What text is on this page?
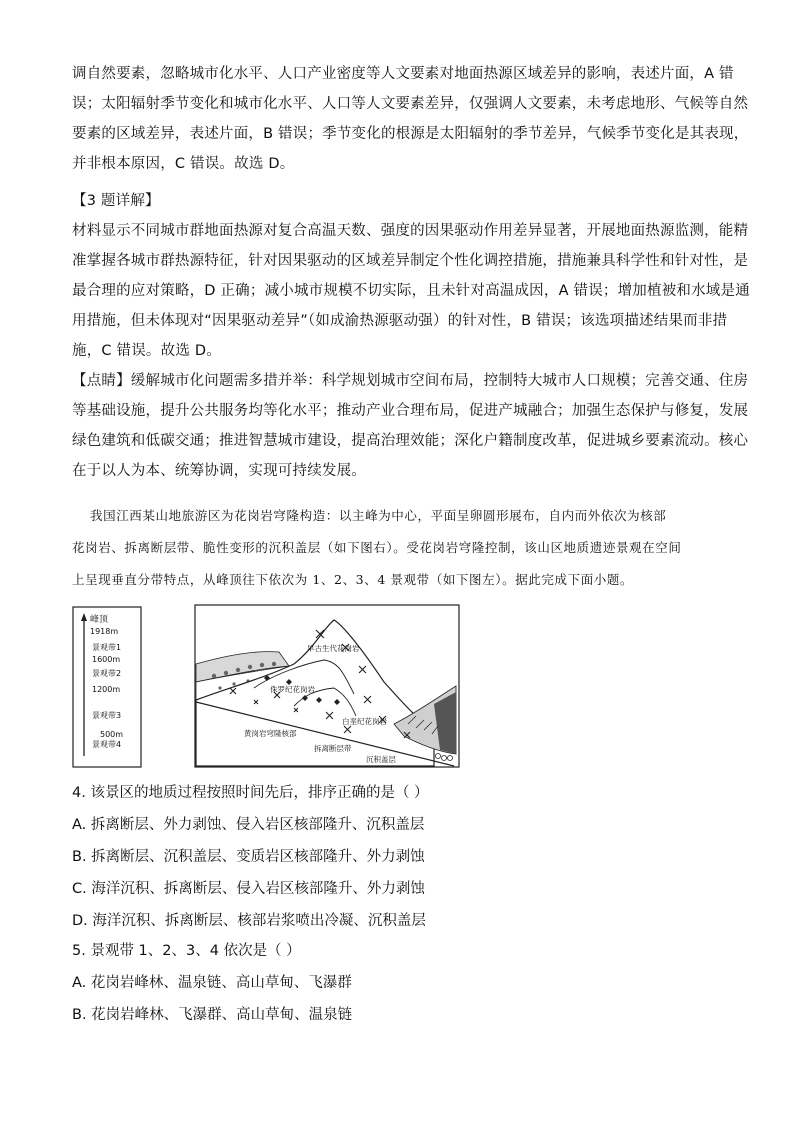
调自然要素，忽略城市化水平、人口产业密度等人文要素对地面热源区域差异的影响，表述片面，A 错
误；太阳辐射季节变化和城市化水平、人口等人文要素差异，仅强调人文要素，未考虑地形、气候等自然
要素的区域差异，表述片面，B 错误；季节变化的根源是太阳辐射的季节差异，气候季节变化是其表现，
并非根本原因，C 错误。故选 D。
【3 题详解】
材料显示不同城市群地面热源对复合高温天数、强度的因果驱动作用差异显著，开展地面热源监测，能精
准掌握各城市群热源特征，针对因果驱动的区域差异制定个性化调控措施，措施兼具科学性和针对性，是
最合理的应对策略，D 正确；减小城市规模不切实际，且未针对高温成因，A 错误；增加植被和水域是通
用措施，但未体现对“因果驱动差异”（如成渝热源驱动强）的针对性，B 错误；该选项描述结果而非措
施，C 错误。故选 D。
【点睛】缓解城市化问题需多措并举：科学规划城市空间布局，控制特大城市人口规模；完善交通、住房
等基础设施，提升公共服务均等化水平；推动产业合理布局，促进产城融合；加强生态保护与修复，发展
绿色建筑和低碳交通；推进智慧城市建设，提高治理效能；深化户籍制度改革，促进城乡要素流动。核心
在于以人为本、统筹协调，实现可持续发展。
我国江西某山地旅游区为花岗岩穹隆构造：以主峰为中心，平面呈卵圆形展布，自内而外依次为核部
花岗岩、拆离断层带、脆性变形的沉积盖层（如下图右）。受花岗岩穹隆控制，该山区地质遗迹景观在空间
上呈现垂直分带特点，从峰顶往下依次为 1、2、3、4 景观带（如下图左）。据此完成下面小题。
峰顶
1918m
景观带1
1600m
景观带2
1200m
景观带3
500m
景观带4
早古生代花岗岩
侏罗纪花岗岩
白垩纪花岗岩
黄岗岩穹隆核部
拆离断层带
沉积盖层
4. 该景区的地质过程按照时间先后，排序正确的是（ ）
A. 拆离断层、外力剥蚀、侵入岩区核部隆升、沉积盖层
B. 拆离断层、沉积盖层、变质岩区核部隆升、外力剥蚀
C. 海洋沉积、拆离断层、侵入岩区核部隆升、外力剥蚀
D. 海洋沉积、拆离断层、核部岩浆喷出冷凝、沉积盖层
5. 景观带 1、2、3、4 依次是（ ）
A. 花岗岩峰林、温泉链、高山草甸、飞瀑群
B. 花岗岩峰林、飞瀑群、高山草甸、温泉链
